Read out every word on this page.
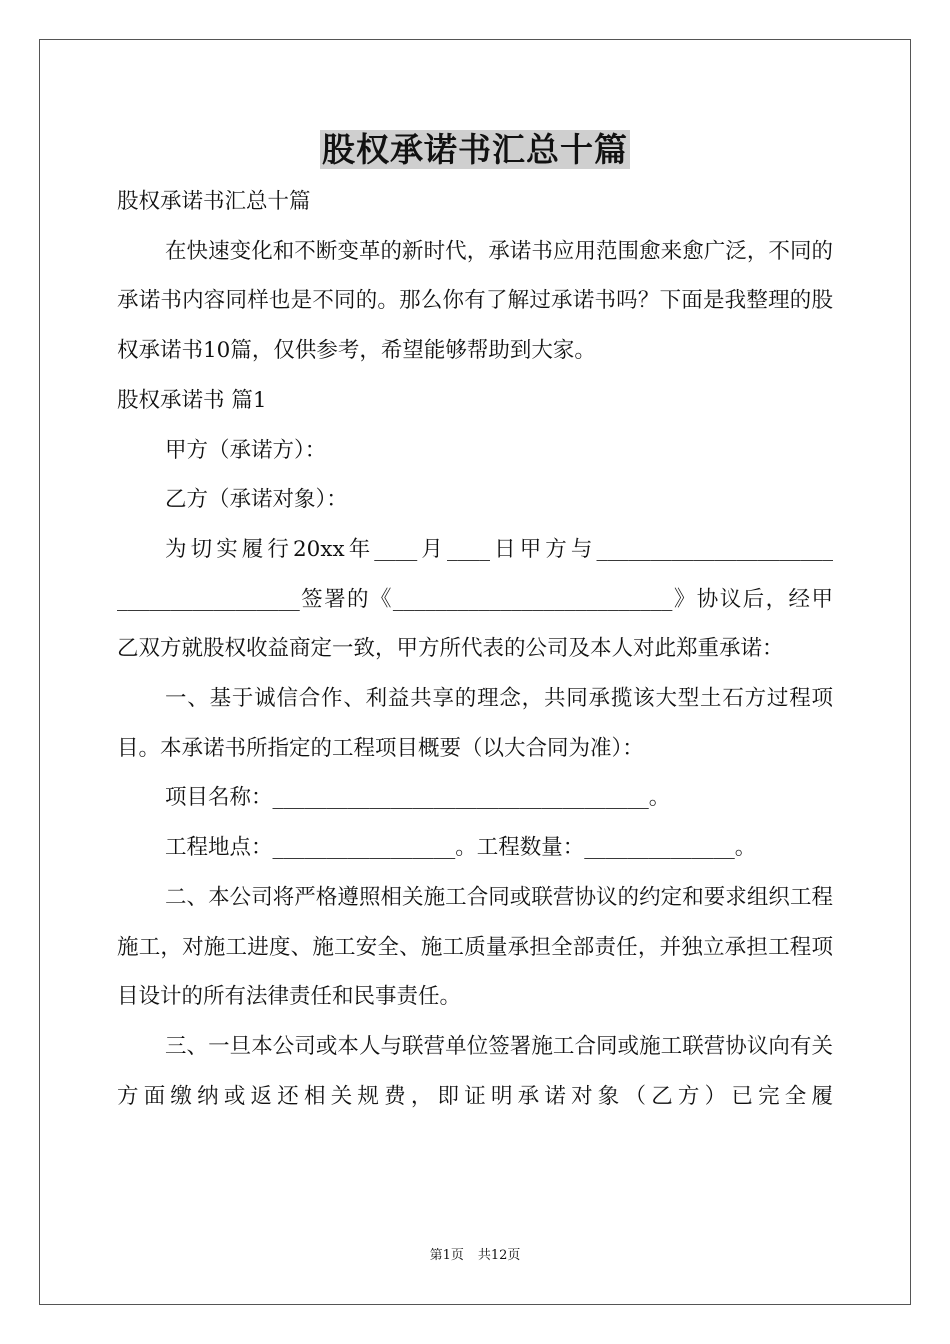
股权承诺书汇总十篇

股权承诺书汇总十篇

在快速变化和不断变革的新时代，承诺书应用范围愈来愈广泛，不同的承诺书内容同样也是不同的。那么你有了解过承诺书吗？下面是我整理的股权承诺书10篇，仅供参考，希望能够帮助到大家。

股权承诺书 篇1

甲方（承诺方）：

乙方（承诺对象）：

为切实履行20xx年____月____日甲方与______________________

_________________签署的《__________________________》协议后，经甲乙双方就股权收益商定一致，甲方所代表的公司及本人对此郑重承诺：

一、基于诚信合作、利益共享的理念，共同承揽该大型土石方过程项目。本承诺书所指定的工程项目概要（以大合同为准）：

项目名称：___________________________________。

工程地点：_________________。工程数量：______________。

二、本公司将严格遵照相关施工合同或联营协议的约定和要求组织工程施工，对施工进度、施工安全、施工质量承担全部责任，并独立承担工程项目设计的所有法律责任和民事责任。

三、一旦本公司或本人与联营单位签署施工合同或施工联营协议向有关方面缴纳或返还相关规费，即证明承诺对象（乙方）已完全履

第1页 共12页
